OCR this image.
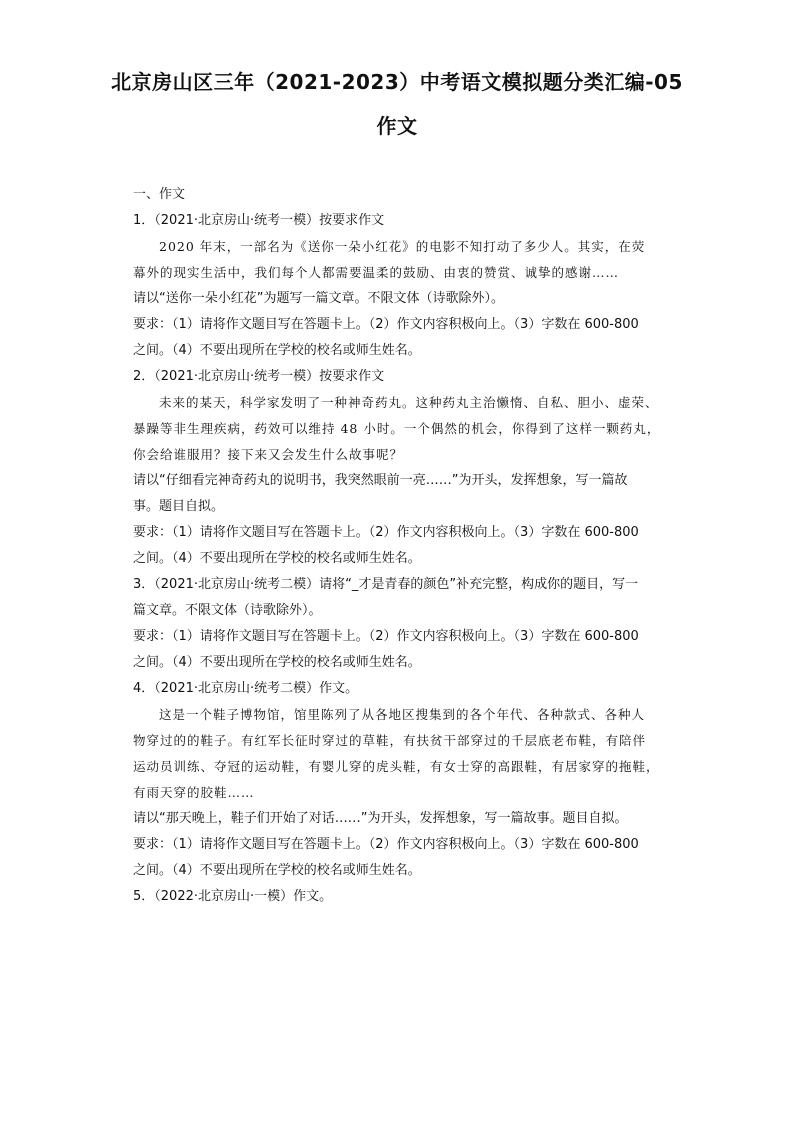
北京房山区三年（2021-2023）中考语文模拟题分类汇编-05
作文
一、作文
1．（2021·北京房山·统考一模）按要求作文
2020 年末，一部名为《送你一朵小红花》的电影不知打动了多少人。其实，在荧
幕外的现实生活中，我们每个人都需要温柔的鼓励、由衷的赞赏、诚挚的感谢……
请以“送你一朵小红花”为题写一篇文章。不限文体（诗歌除外）。
要求：（1）请将作文题目写在答题卡上。（2）作文内容积极向上。（3）字数在 600-800
之间。（4）不要出现所在学校的校名或师生姓名。
2．（2021·北京房山·统考一模）按要求作文
未来的某天，科学家发明了一种神奇药丸。这种药丸主治懒惰、自私、胆小、虚荣、
暴躁等非生理疾病，药效可以维持 48 小时。一个偶然的机会，你得到了这样一颗药丸，
你会给谁服用？接下来又会发生什么故事呢？
请以“仔细看完神奇药丸的说明书，我突然眼前一亮……”为开头，发挥想象，写一篇故
事。题目自拟。
要求：（1）请将作文题目写在答题卡上。（2）作文内容积极向上。（3）字数在 600-800
之间。（4）不要出现所在学校的校名或师生姓名。
3．（2021·北京房山·统考二模）请将“_才是青春的颜色”补充完整，构成你的题目，写一
篇文章。不限文体（诗歌除外）。
要求：（1）请将作文题目写在答题卡上。（2）作文内容积极向上。（3）字数在 600-800
之间。（4）不要出现所在学校的校名或师生姓名。
4．（2021·北京房山·统考二模）作文。
这是一个鞋子博物馆，馆里陈列了从各地区搜集到的各个年代、各种款式、各种人
物穿过的的鞋子。有红军长征时穿过的草鞋，有扶贫干部穿过的千层底老布鞋，有陪伴
运动员训练、夺冠的运动鞋，有婴儿穿的虎头鞋，有女士穿的高跟鞋，有居家穿的拖鞋，
有雨天穿的胶鞋……
请以“那天晚上，鞋子们开始了对话……”为开头，发挥想象，写一篇故事。题目自拟。
要求：（1）请将作文题目写在答题卡上。（2）作文内容积极向上。（3）字数在 600-800
之间。（4）不要出现所在学校的校名或师生姓名。
5．（2022·北京房山·一模）作文。
